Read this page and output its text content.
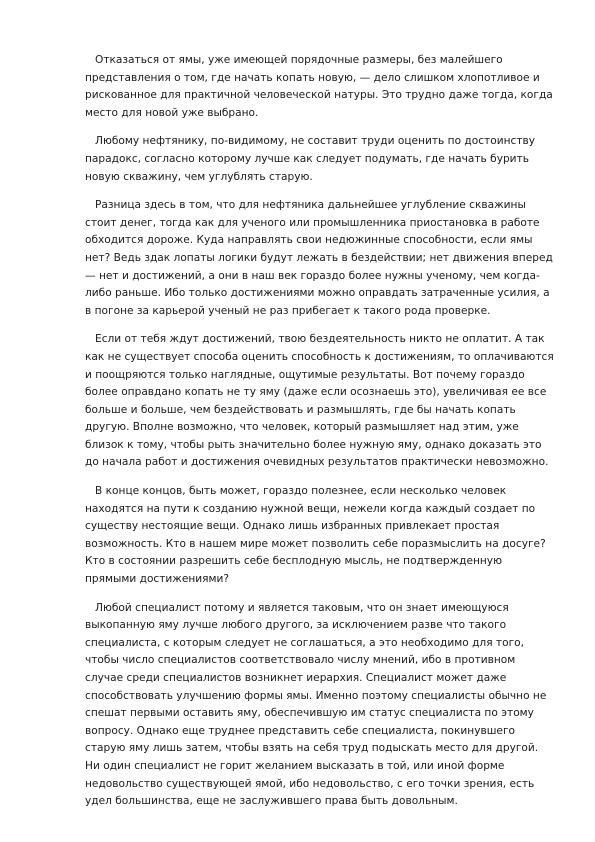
Отказаться от ямы, уже имеющей порядочные размеры, без малейшего представления о том, где начать копать новую, — дело слишком хлопотливое и рискованное для практичной человеческой натуры. Это трудно даже тогда, когда место для новой уже выбрано.

Любому нефтянику, по-видимому, не составит труди оценить по достоинству парадокс, согласно которому лучше как следует подумать, где начать бурить новую скважину, чем углублять старую.

Разница здесь в том, что для нефтяника дальнейшее углубление скважины стоит денег, тогда как для ученого или промышленника приостановка в работе обходится дороже. Куда направлять свои недюжинные способности, если ямы нет? Ведь здак лопаты логики будут лежать в бездействии; нет движения вперед — нет и достижений, а они в наш век гораздо более нужны ученому, чем когда-либо раньше. Ибо только достижениями можно оправдать затраченные усилия, а в погоне за карьерой ученый не раз прибегает к такого рода проверке.

Если от тебя ждут достижений, твою бездеятельность никто не оплатит. А так как не существует способа оценить способность к достижениям, то оплачиваются и поощряются только наглядные, ощутимые результаты. Вот почему гораздо более оправдано копать не ту яму (даже если осознаешь это), увеличивая ее все больше и больше, чем бездействовать и размышлять, где бы начать копать другую. Вполне возможно, что человек, который размышляет над этим, уже близок к тому, чтобы рыть значительно более нужную яму, однако доказать это до начала работ и достижения очевидных результатов практически невозможно.

В конце концов, быть может, гораздо полезнее, если несколько человек находятся на пути к созданию нужной вещи, нежели когда каждый создает по существу нестоящие вещи. Однако лишь избранных привлекает простая возможность. Кто в нашем мире может позволить себе поразмыслить на досуге? Кто в состоянии разрешить себе бесплодную мысль, не подтвержденную прямыми достижениями?

Любой специалист потому и является таковым, что он знает имеющуюся выкопанную яму лучше любого другого, за исключением разве что такого специалиста, с которым следует не соглашаться, а это необходимо для того, чтобы число специалистов соответствовало числу мнений, ибо в противном случае среди специалистов возникнет иерархия. Специалист может даже способствовать улучшению формы ямы. Именно поэтому специалисты обычно не спешат первыми оставить яму, обеспечившую им статус специалиста по этому вопросу. Однако еще труднее представить себе специалиста, покинувшего старую яму лишь затем, чтобы взять на себя труд подыскать место для другой. Ни один специалист не горит желанием высказать в той, или иной форме недовольство существующей ямой, ибо недовольство, с его точки зрения, есть удел большинства, еще не заслужившего права быть довольным.
